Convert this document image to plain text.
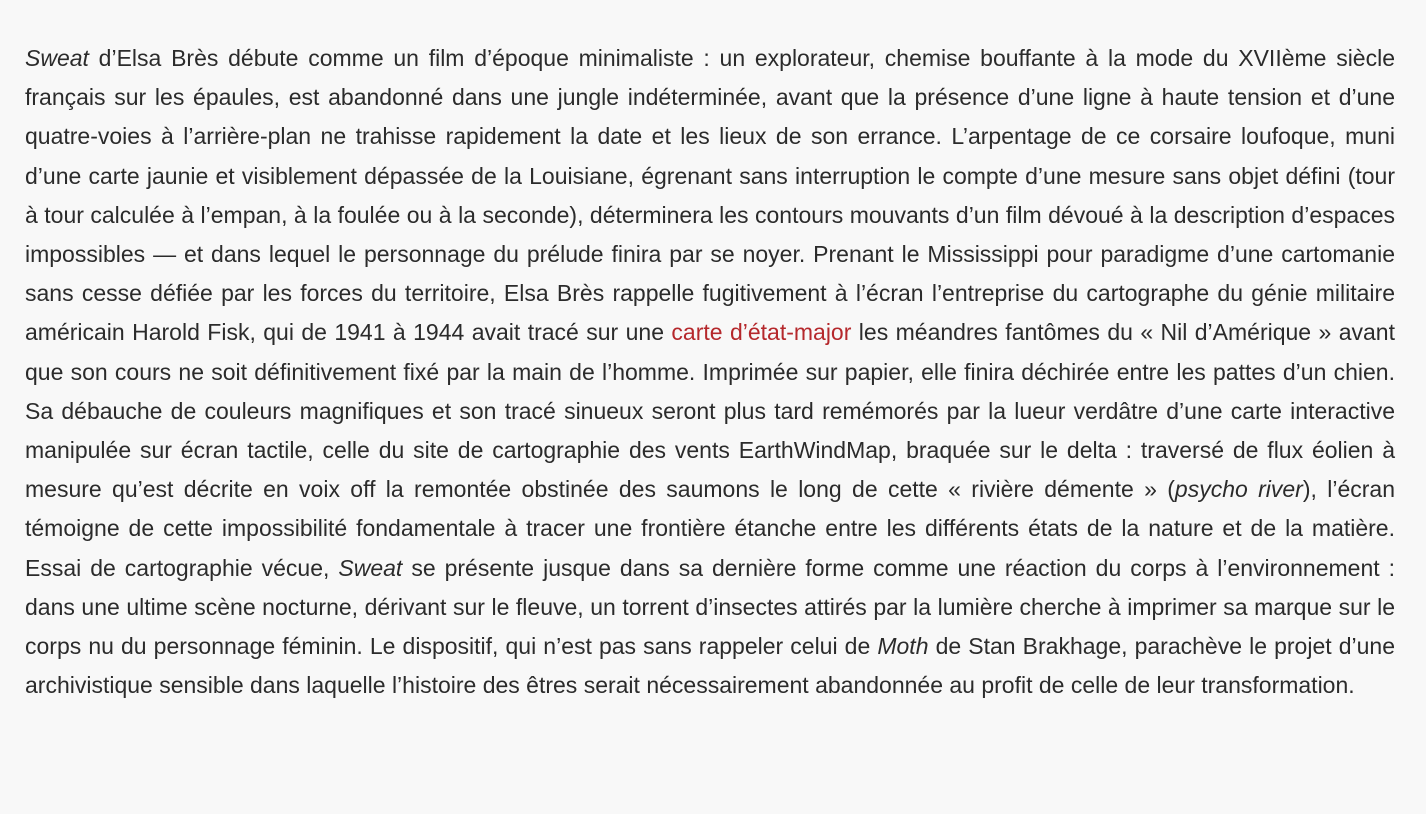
Sweat d’Elsa Brès débute comme un film d’époque minimaliste : un explorateur, chemise bouffante à la mode du XVIIème siècle français sur les épaules, est abandonné dans une jungle indéterminée, avant que la présence d’une ligne à haute tension et d’une quatre-voies à l’arrière-plan ne trahisse rapidement la date et les lieux de son errance. L’arpentage de ce corsaire loufoque, muni d’une carte jaunie et visiblement dépassée de la Louisiane, égrenant sans interruption le compte d’une mesure sans objet défini (tour à tour calculée à l’empan, à la foulée ou à la seconde), déterminera les contours mouvants d’un film dévoué à la description d’espaces impossibles — et dans lequel le personnage du prélude finira par se noyer. Prenant le Mississippi pour paradigme d’une cartomanie sans cesse défiée par les forces du territoire, Elsa Brès rappelle fugitivement à l’écran l’entreprise du cartographe du génie militaire américain Harold Fisk, qui de 1941 à 1944 avait tracé sur une carte d’état-major les méandres fantômes du « Nil d’Amérique » avant que son cours ne soit définitivement fixé par la main de l’homme. Imprimée sur papier, elle finira déchirée entre les pattes d’un chien. Sa débauche de couleurs magnifiques et son tracé sinueux seront plus tard remémorés par la lueur verdâtre d’une carte interactive manipulée sur écran tactile, celle du site de cartographie des vents EarthWindMap, braquée sur le delta : traversé de flux éolien à mesure qu’est décrite en voix off la remontée obstinée des saumons le long de cette « rivière démente » (psycho river), l’écran témoigne de cette impossibilité fondamentale à tracer une frontière étanche entre les différents états de la nature et de la matière. Essai de cartographie vécue, Sweat se présente jusque dans sa dernière forme comme une réaction du corps à l’environnement : dans une ultime scène nocturne, dérivant sur le fleuve, un torrent d’insectes attirés par la lumière cherche à imprimer sa marque sur le corps nu du personnage féminin. Le dispositif, qui n’est pas sans rappeler celui de Moth de Stan Brakhage, parachève le projet d’une archivistique sensible dans laquelle l’histoire des êtres serait nécessairement abandonnée au profit de celle de leur transformation.
